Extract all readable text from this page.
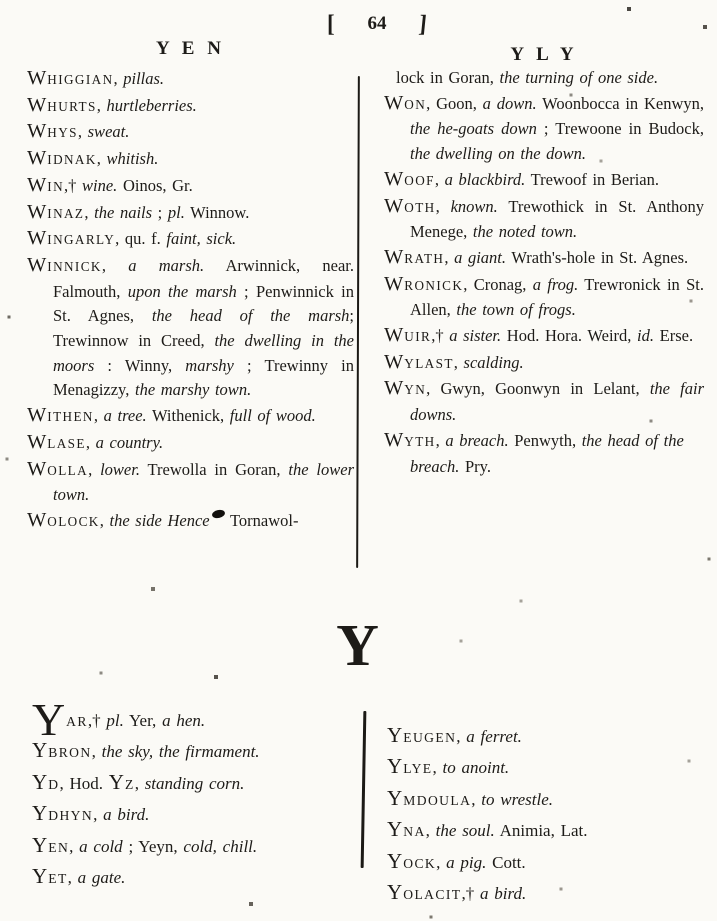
[ 64 ]
Y E N	Y L Y
WHIGGIAN, pillas.
WHURTS, hurtleberries.
WHYS, sweat.
WIDNAK, whitish.
WIN,† wine. Oinos, Gr.
WINAZ, the nails ; pl. Winnow.
WINGARLY, qu. f. faint, sick.
WINNICK, a marsh. Arwinnick, near. Falmouth, upon the marsh ; Penwinnick in St. Agnes, the head of the marsh; Trewinnow in Creed, the dwelling in the moors : Winny, marshy ; Trewinny in Menagizzy, the marshy town.
WITHEN, a tree. Withenick, full of wood.
WLASE, a country.
WOLLA, lower. Trewolla in Goran, the lower town.
WOLOCK, the side Hence Tornawol-
lock in Goran, the turning of one side.
WON, Goon, a down. Woonbocca in Kenwyn, the he-goats down ; Trewoone in Budock, the dwelling on the down.
WOOF, a blackbird. Trewoof in Berian.
WOTH, known. Trewothick in St. Anthony Menege, the noted town.
WRATH, a giant. Wrath's-hole in St. Agnes.
WRONICK, Cronag, a frog. Trewronick in St. Allen, the town of frogs.
WUIR,† a sister. Hod. Hora. Weird, id. Erse.
WYLAST, scalding.
WYN, Gwyn, Goonwyn in Lelant, the fair downs.
WYTH, a breach. Penwyth, the head of the breach. Pry.
Y
YAR,† pl. Yer, a hen.
YBRON, the sky, the firmament.
YD, Hod. YZ, standing corn.
YDHYN, a bird.
YEN, a cold ; Yeyn, cold, chill.
YET, a gate.
YEUGEN, a ferret.
YLYE, to anoint.
YMDOULA, to wrestle.
YNA, the soul. Animia, Lat.
YOCK, a pig. Cott.
YOLACIT,† a bird.
